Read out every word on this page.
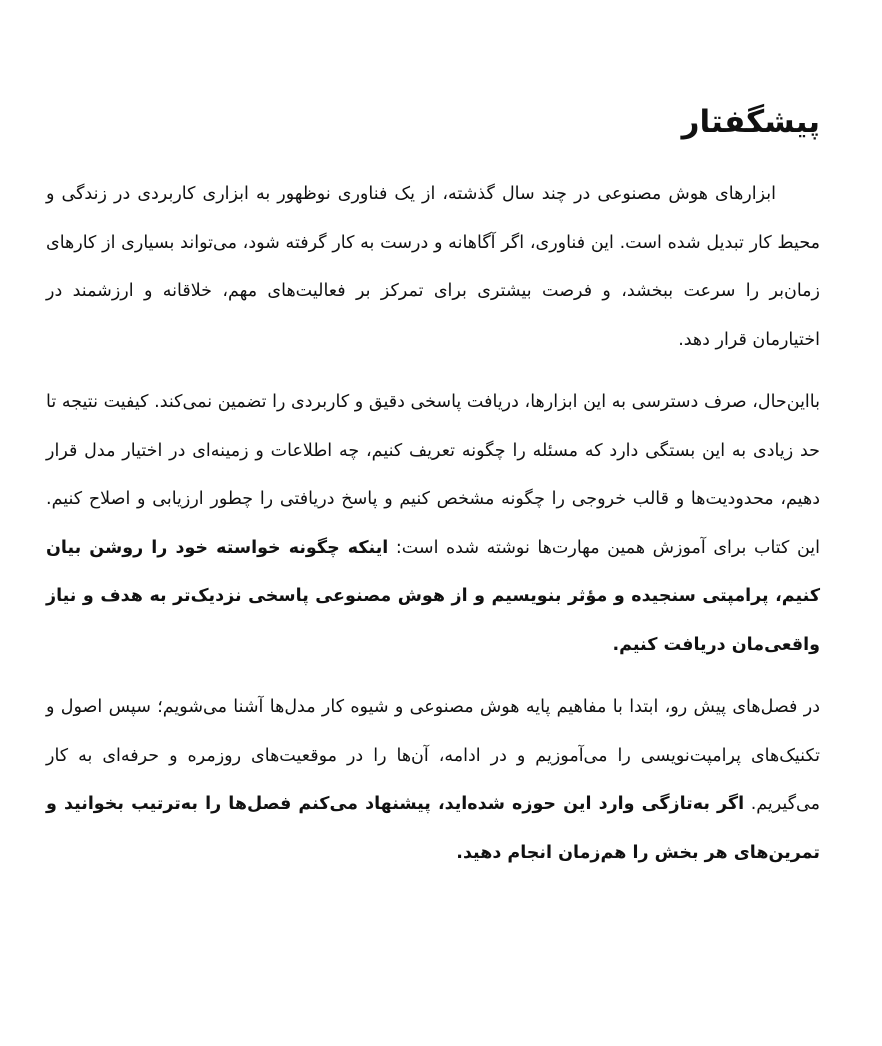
پیشگفتار

ابزارهای هوش مصنوعی در چند سال گذشته، از یک فناوری نوظهور به ابزاری کاربردی در زندگی و محیط کار تبدیل شده است. این فناوری، اگر آگاهانه و درست به کار گرفته شود، می‌تواند بسیاری از کارهای زمان‌بر را سرعت ببخشد، و فرصت بیشتری برای تمرکز بر فعالیت‌های مهم، خلاقانه و ارزشمند در اختیارمان قرار دهد.

بااین‌حال، صرف دسترسی به این ابزارها، دریافت پاسخی دقیق و کاربردی را تضمین نمی‌کند. کیفیت نتیجه تا حد زیادی به این بستگی دارد که مسئله را چگونه تعریف کنیم، چه اطلاعات و زمینه‌ای در اختیار مدل قرار دهیم، محدودیت‌ها و قالب خروجی را چگونه مشخص کنیم و پاسخ دریافتی را چطور ارزیابی و اصلاح کنیم. این کتاب برای آموزش همین مهارت‌ها نوشته شده است: اینکه چگونه خواسته خود را روشن بیان کنیم، پرامپتی سنجیده و مؤثر بنویسیم و از هوش مصنوعی پاسخی نزدیک‌تر به هدف و نیاز واقعی‌مان دریافت کنیم.

در فصل‌های پیش رو، ابتدا با مفاهیم پایه هوش مصنوعی و شیوه کار مدل‌ها آشنا می‌شویم؛ سپس اصول و تکنیک‌های پرامپت‌نویسی را می‌آموزیم و در ادامه، آن‌ها را در موقعیت‌های روزمره و حرفه‌ای به کار می‌گیریم. اگر به‌تازگی وارد این حوزه شده‌اید، پیشنهاد می‌کنم فصل‌ها را به‌ترتیب بخوانید و تمرین‌های هر بخش را هم‌زمان انجام دهید.
